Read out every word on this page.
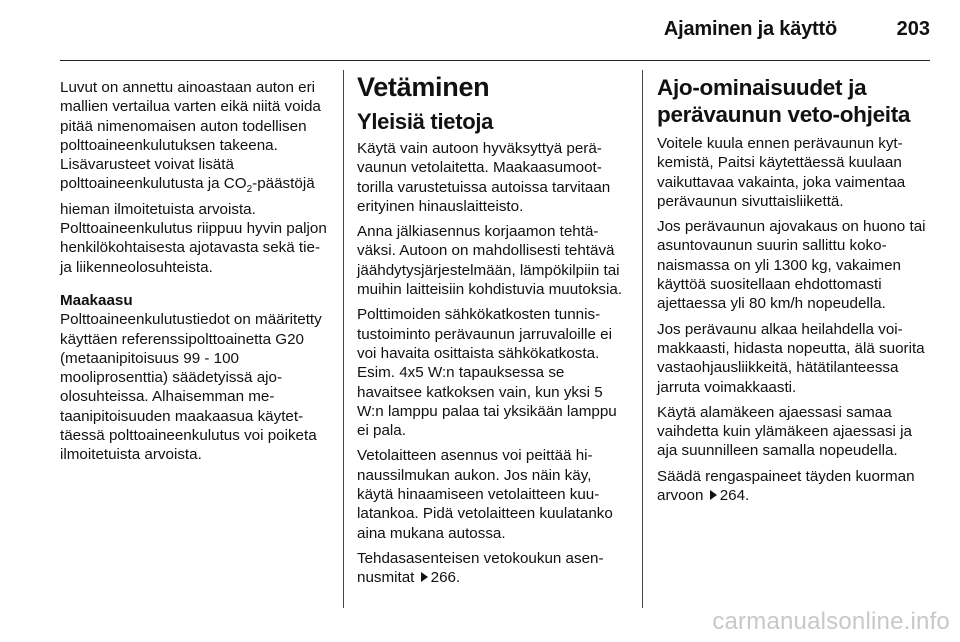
Ajaminen ja käyttö	203

Luvut on annettu ainoastaan auton eri mallien vertailua varten eikä niitä voida pitää nimenomaisen auton todellisen polttoaineenkulutuksen takeena. Lisävarusteet voivat lisätä polttoaineenkulutusta ja $CO_2$-päästöjä hieman ilmoitetuista arvoista. Polttoaineenkulutus riippuu hyvin paljon henkilökohtaisesta ajotavasta sekä tie- ja liikenneolosuhteista.

Maakaasu

Polttoaineenkulutustiedot on määritetty käyttäen referenssipolttoainetta G20 (metaanipitoisuus 99 - 100 mooliprosenttia) säädetyissä ajo-olosuhteissa. Alhaisemman metaanipitoisuuden maakaasua käytettäessä polttoaineenkulutus voi poiketa ilmoitetuista arvoista.

Vetäminen
Yleisiä tietoja

Käytä vain autoon hyväksyttyä perävaunun vetolaitetta. Maakaasumoottorilla varustetuissa autoissa tarvitaan erityinen hinauslaitteisto.

Anna jälkiasennus korjaamon tehtäväksi. Autoon on mahdollisesti tehtävä jäähdytysjärjestelmään, lämpökilpiin tai muihin laitteisiin kohdistuvia muutoksia.

Polttimoiden sähkökatkosten tunnistustoiminto perävaunun jarruvaloille ei voi havaita osittaista sähkökatkosta. Esim. 4x5 W:n tapauksessa se havaitsee katkoksen vain, kun yksi 5 W:n lamppu palaa tai yksikään lamppu ei pala.

Vetolaitteen asennus voi peittää hinaussilmukan aukon. Jos näin käy, käytä hinaamiseen vetolaitteen kuulatankoa. Pidä vetolaitteen kuulatanko aina mukana autossa.

Tehdasasenteisen vetokoukun asennusmitat 266.

Ajo-ominaisuudet ja perävaunun veto-ohjeita

Voitele kuula ennen perävaunun kytkemistä, Paitsi käytettäessä kuulaan vaikuttavaa vakainta, joka vaimentaa perävaunun sivuttaisliikettä.

Jos perävaunun ajovakaus on huono tai asuntovaunun suurin sallittu kokonaismassa on yli 1300 kg, vakaimen käyttöä suositellaan ehdottomasti ajettaessa yli 80 km/h nopeudella.

Jos perävaunu alkaa heilahdella voimakkaasti, hidasta nopeutta, älä suorita vastaohjausliikkeitä, hätätilanteessa jarruta voimakkaasti.

Käytä alamäkeen ajaessasi samaa vaihdetta kuin ylämäkeen ajaessasi ja aja suunnilleen samalla nopeudella.

Säädä rengaspaineet täyden kuorman arvoon 264.

carmanualsonline.info
